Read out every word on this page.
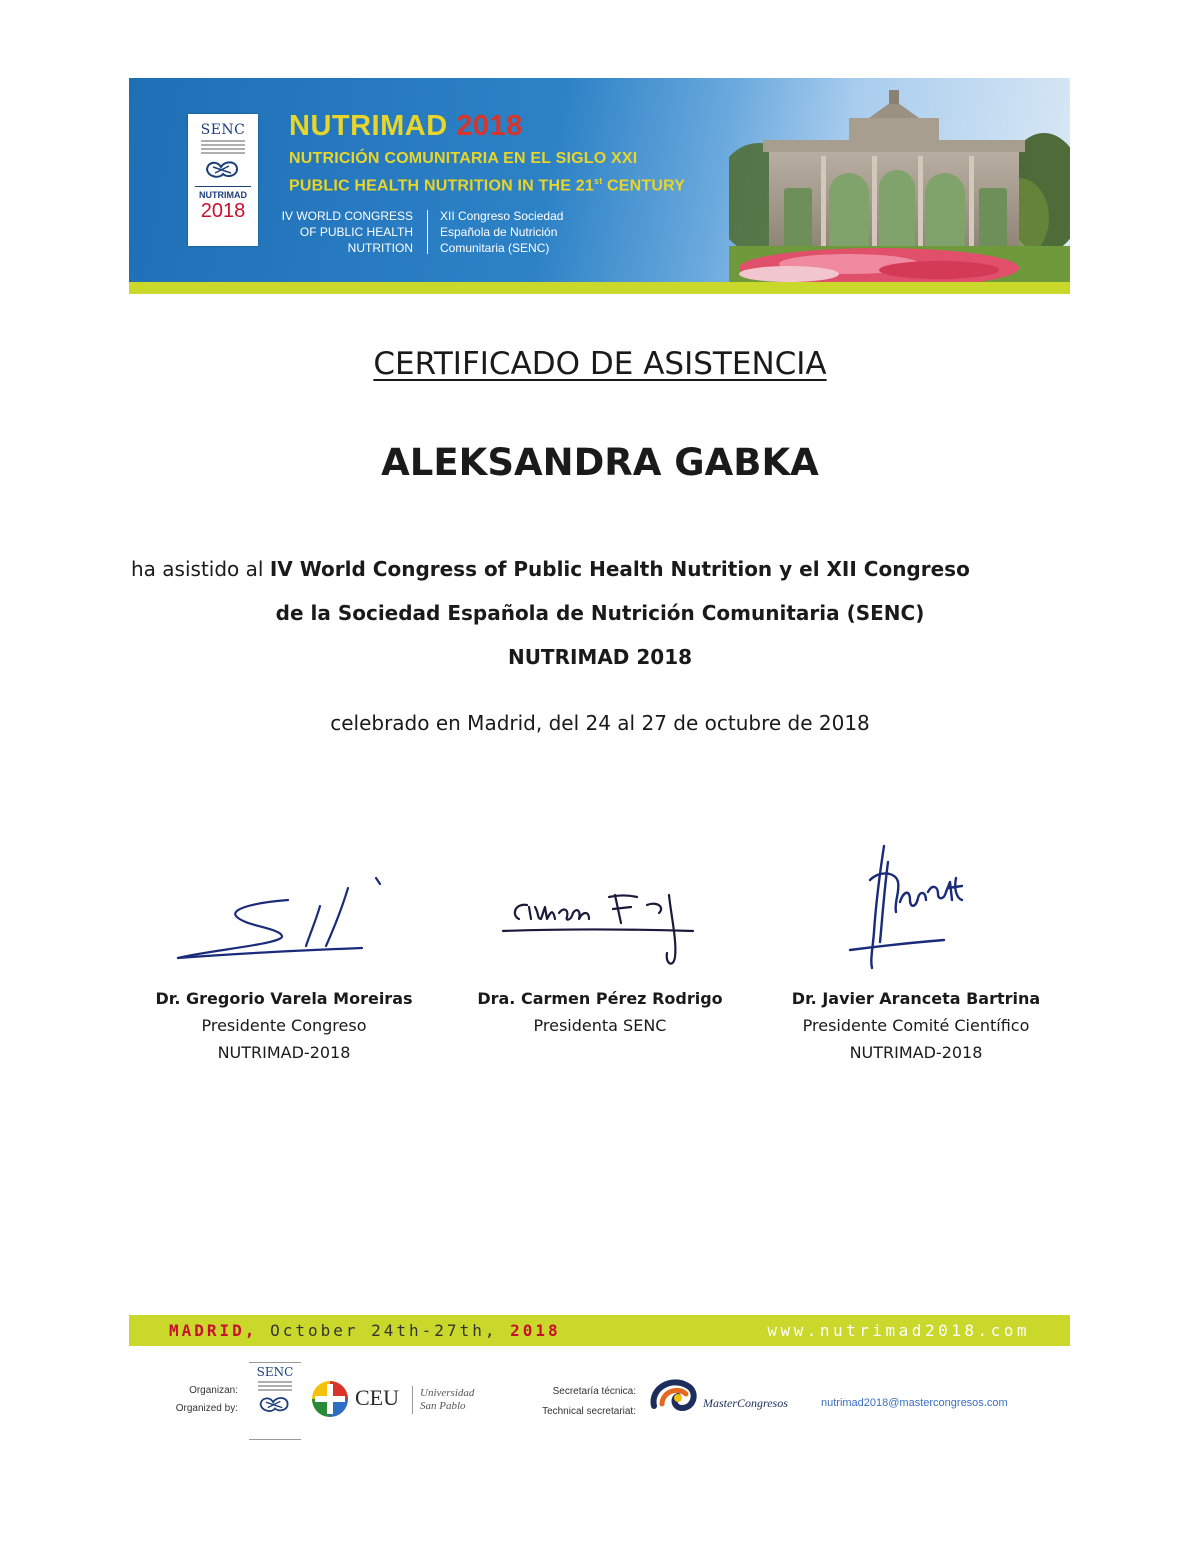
SENC
NUTRIMAD
2018
NUTRIMAD 2018
NUTRICIÓN COMUNITARIA EN EL SIGLO XXI
PUBLIC HEALTH NUTRITION IN THE 21st CENTURY
IV WORLD CONGRESS
OF PUBLIC HEALTH
NUTRITION
XII Congreso Sociedad
Española de Nutrición
Comunitaria (SENC)
CERTIFICADO DE ASISTENCIA
ALEKSANDRA GABKA
ha asistido al IV World Congress of Public Health Nutrition y el XII Congreso
de la Sociedad Española de Nutrición Comunitaria (SENC)
NUTRIMAD 2018
celebrado en Madrid, del 24 al 27 de octubre de 2018
Dr. Gregorio Varela Moreiras
Presidente Congreso
NUTRIMAD-2018
Dra. Carmen Pérez Rodrigo
Presidenta SENC
Dr. Javier Aranceta Bartrina
Presidente Comité Científico
NUTRIMAD-2018
MADRID, October 24th-27th, 2018	www.nutrimad2018.com
Organizan:
Organized by:
SENC
CEU Universidad
San Pablo
Secretaría técnica:
Technical secretariat:
MasterCongresos	nutrimad2018@mastercongresos.com
